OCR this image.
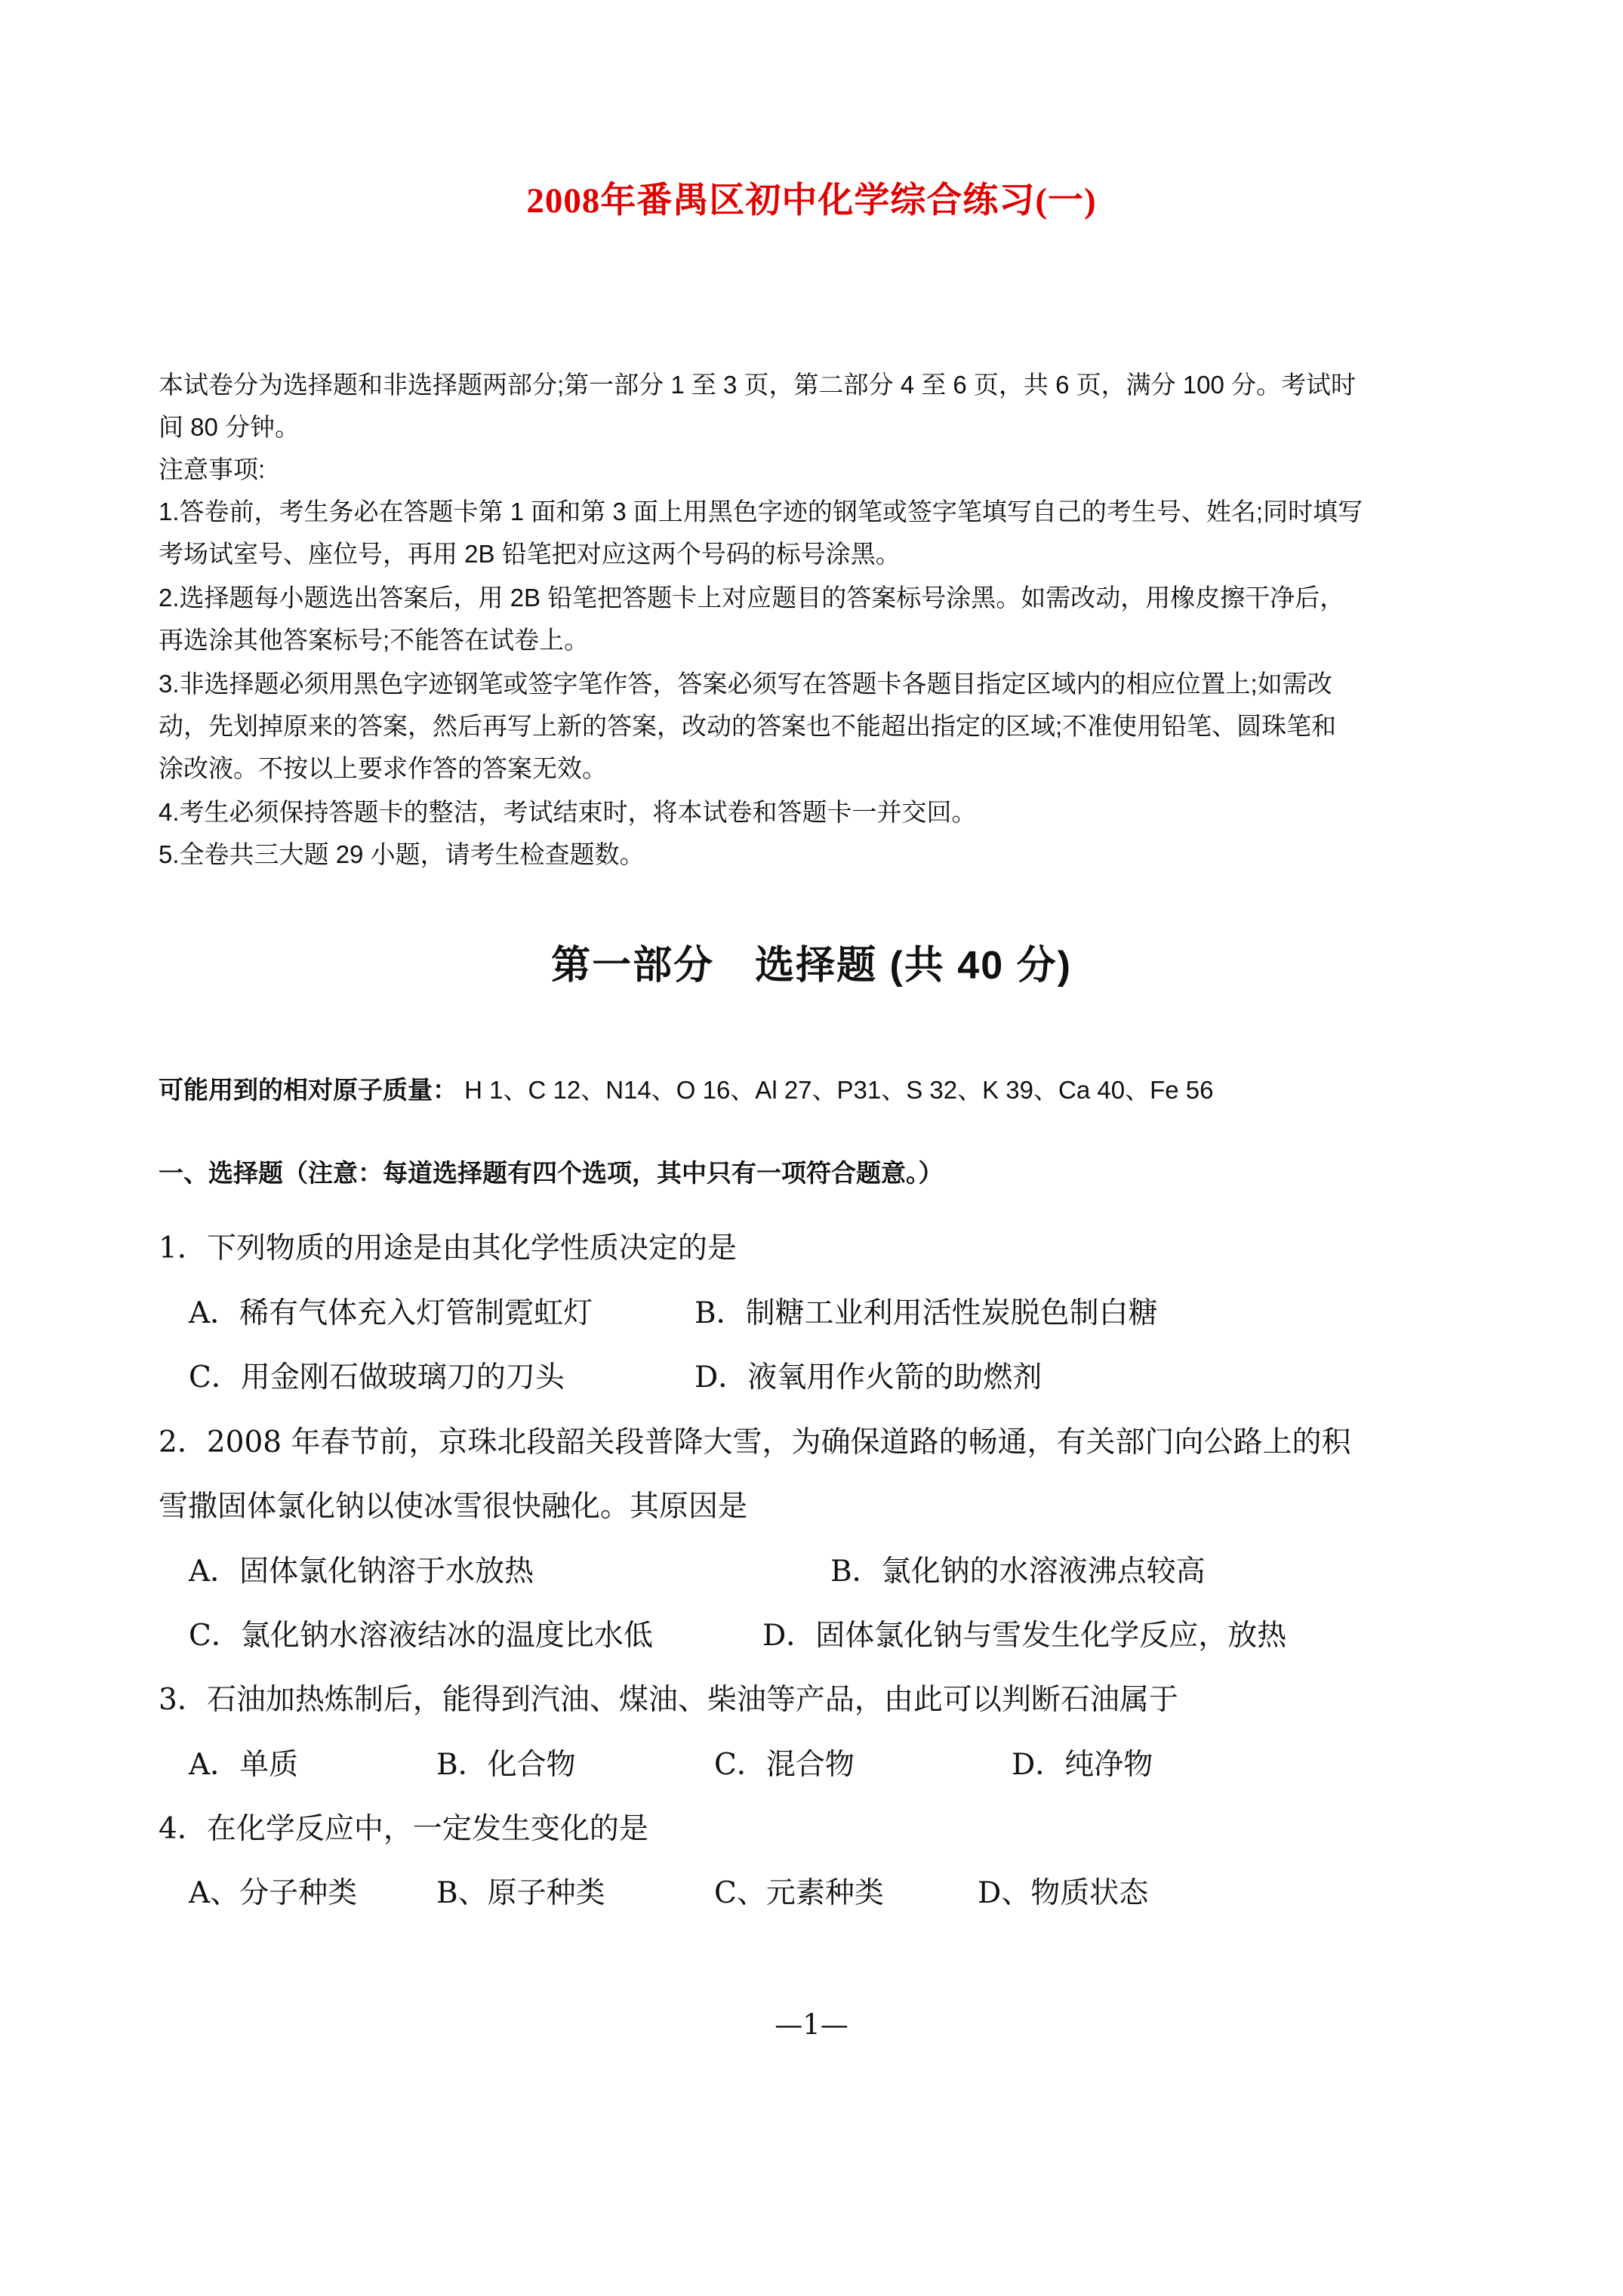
2008年番禺区初中化学综合练习(一)
本试卷分为选择题和非选择题两部分;第一部分 1 至 3 页，第二部分 4 至 6 页，共 6 页，满分 100 分。考试时
间 80 分钟。
注意事项:
1.答卷前，考生务必在答题卡第 1 面和第 3 面上用黑色字迹的钢笔或签字笔填写自己的考生号、姓名;同时填写
考场试室号、座位号，再用 2B 铅笔把对应这两个号码的标号涂黑。
2.选择题每小题选出答案后，用 2B 铅笔把答题卡上对应题目的答案标号涂黑。如需改动，用橡皮擦干净后，
再选涂其他答案标号;不能答在试卷上。
3.非选择题必须用黑色字迹钢笔或签字笔作答，答案必须写在答题卡各题目指定区域内的相应位置上;如需改
动，先划掉原来的答案，然后再写上新的答案，改动的答案也不能超出指定的区域;不准使用铅笔、圆珠笔和
涂改液。不按以上要求作答的答案无效。
4.考生必须保持答题卡的整洁，考试结束时，将本试卷和答题卡一并交回。
5.全卷共三大题 29 小题，请考生检查题数。
第一部分　选择题 (共 40 分)
可能用到的相对原子质量： H 1、C 12、N14、O 16、Al 27、P31、S 32、K 39、Ca 40、Fe 56
一、选择题（注意：每道选择题有四个选项，其中只有一项符合题意。）
1．下列物质的用途是由其化学性质决定的是
A．稀有气体充入灯管制霓虹灯	B．制糖工业利用活性炭脱色制白糖
C．用金刚石做玻璃刀的刀头	D．液氧用作火箭的助燃剂
2．2008 年春节前，京珠北段韶关段普降大雪，为确保道路的畅通，有关部门向公路上的积
雪撒固体氯化钠以使冰雪很快融化。其原因是
A．固体氯化钠溶于水放热	B．氯化钠的水溶液沸点较高
C．氯化钠水溶液结冰的温度比水低	D．固体氯化钠与雪发生化学反应，放热
3．石油加热炼制后，能得到汽油、煤油、柴油等产品，由此可以判断石油属于
A．单质	B．化合物	C．混合物	D．纯净物
4．在化学反应中，一定发生变化的是
A、分子种类	B、原子种类	C、元素种类	D、物质状态
—1—
